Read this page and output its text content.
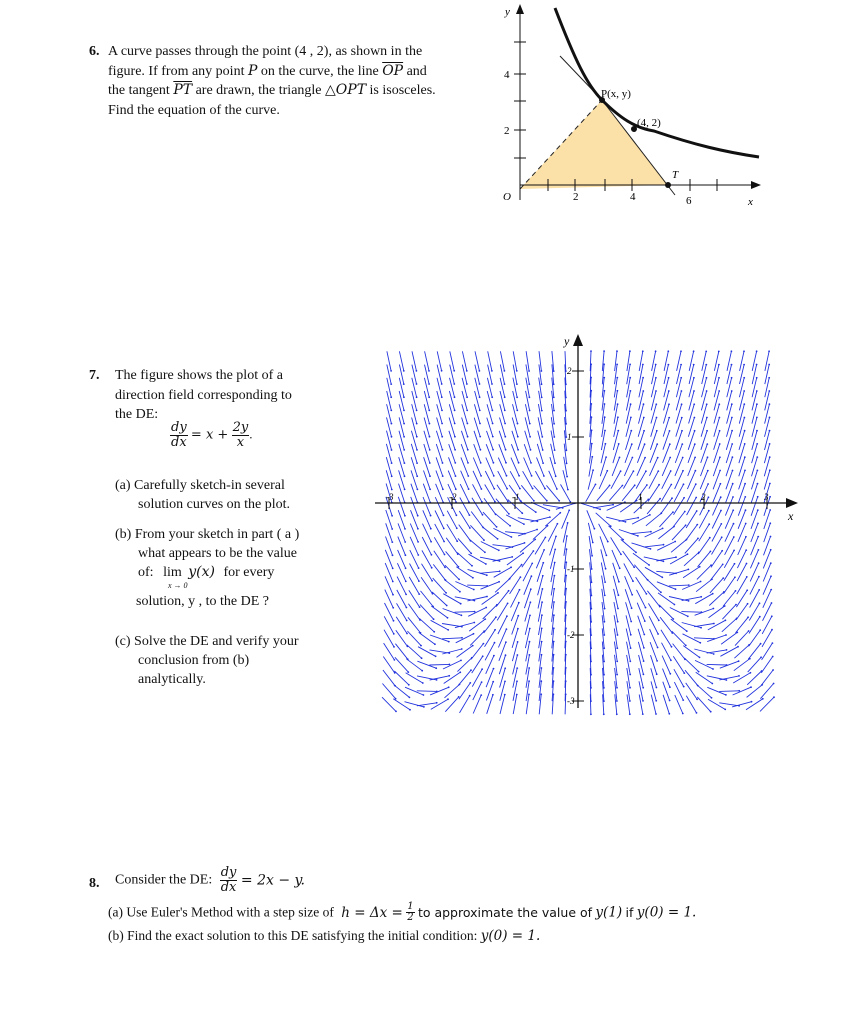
6. A curve passes through the point (4 , 2), as shown in the
figure. If from any point P on the curve, the line $\overline{OP}$ and
the tangent $\overline{PT}$ are drawn, the triangle △OPT is isosceles.
Find the equation of the curve.
y
x
O
4
2
2	4	6
P(x, y)
(4, 2)
T
7. The figure shows the plot of a
direction field corresponding to
the DE:
$\frac{dy}{dx} = x + \frac{2y}{x}$ .
(a) Carefully sketch-in several
solution curves on the plot.
(b) From your sketch in part ( a )
what appears to be the value
of: lim y(x) for every
x → 0
solution, y , to the DE ?
(c) Solve the DE and verify your
conclusion from (b)
analytically.
-3	-2	-1	1	2	3
2
1
-1
-2
-3
y
x
8. Consider the DE: $\frac{dy}{dx} = 2x - y$.
(a) Use Euler's Method with a step size of $h = \Delta x = \frac{1}{2}$ to approximate the value of y(1) if y(0) = 1.
(b) Find the exact solution to this DE satisfying the initial condition: y(0) = 1.
